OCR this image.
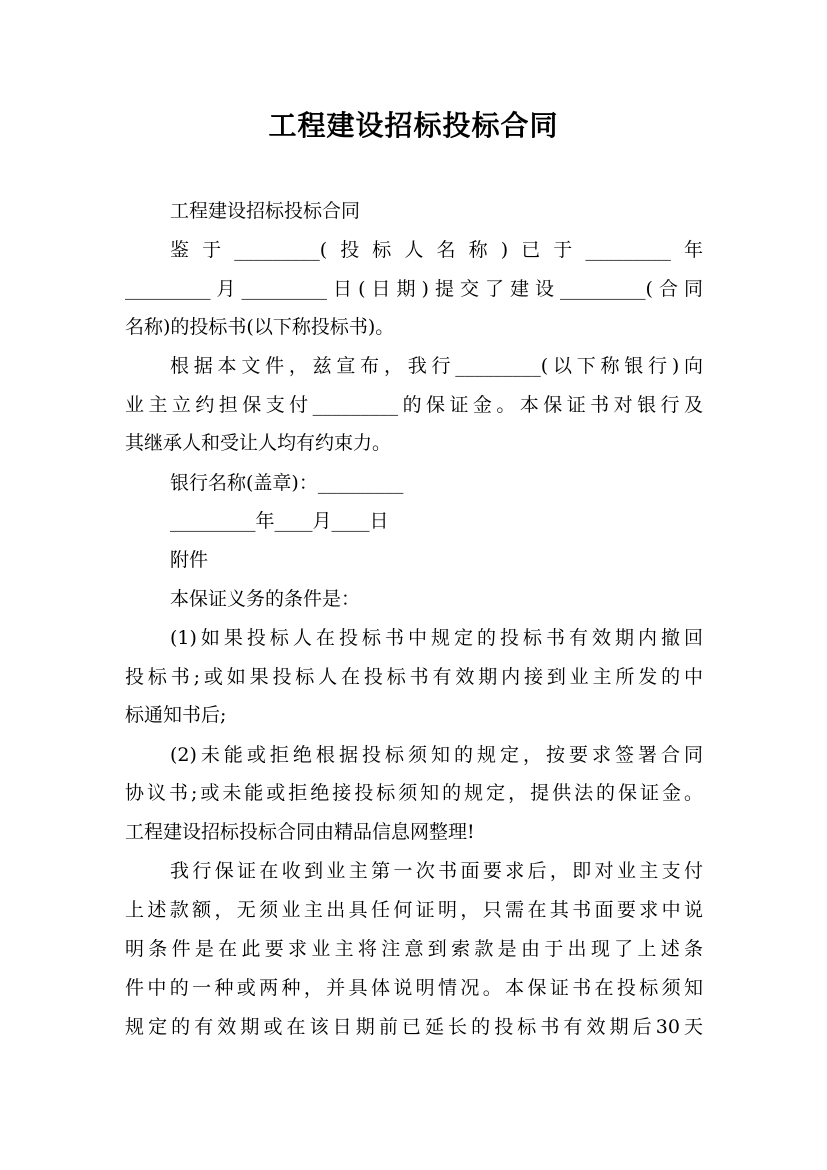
工程建设招标投标合同
工程建设招标投标合同
鉴于_________(投标人名称)已于_________年
_________月_________日(日期)提交了建设_________(合同
名称)的投标书(以下称投标书)。
根据本文件，兹宣布，我行_________(以下称银行)向
业主立约担保支付_________的保证金。本保证书对银行及
其继承人和受让人均有约束力。
银行名称(盖章)：_________
_________年____月____日
附件
本保证义务的条件是：
(1)如果投标人在投标书中规定的投标书有效期内撤回
投标书;或如果投标人在投标书有效期内接到业主所发的中
标通知书后;
(2)未能或拒绝根据投标须知的规定，按要求签署合同
协议书;或未能或拒绝接投标须知的规定，提供法的保证金。
工程建设招标投标合同由精品信息网整理!
我行保证在收到业主第一次书面要求后，即对业主支付
上述款额，无须业主出具任何证明，只需在其书面要求中说
明条件是在此要求业主将注意到索款是由于出现了上述条
件中的一种或两种，并具体说明情况。本保证书在投标须知
规定的有效期或在该日期前已延长的投标书有效期后30天
